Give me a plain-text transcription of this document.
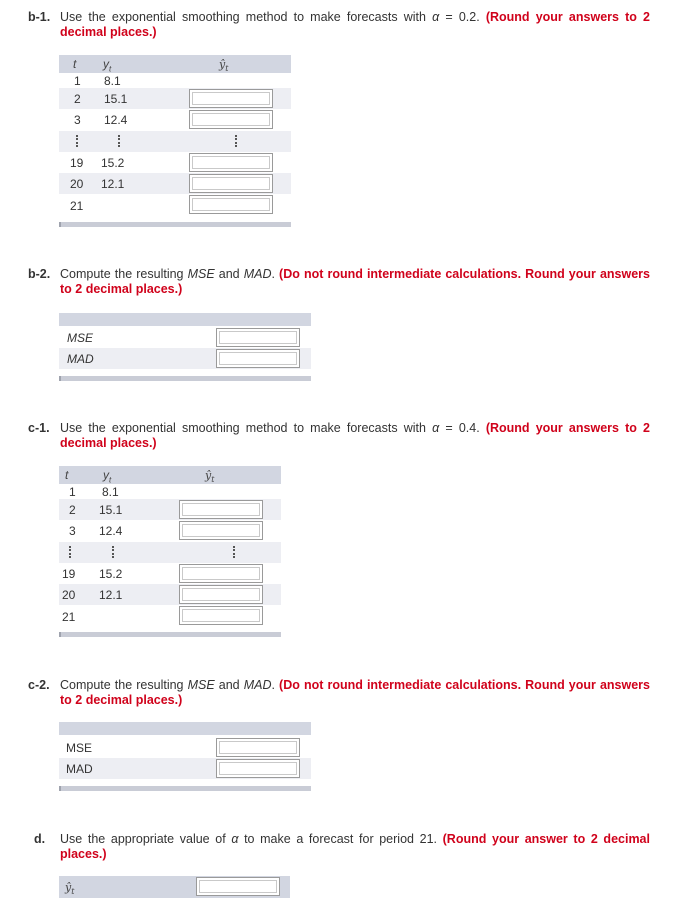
b-1. Use the exponential smoothing method to make forecasts with α = 0.2. (Round your answers to 2 decimal places.)
t $y_t$	$ŷ_t$
1 8.1
2 15.1
3 12.4
19 15.2
20 12.1
21
b-2. Compute the resulting MSE and MAD. (Do not round intermediate calculations. Round your answers to 2 decimal places.)
MSE
MAD
c-1. Use the exponential smoothing method to make forecasts with α = 0.4. (Round your answers to 2 decimal places.)
t	$y_t$	$ŷ_t$
1 8.1
2 15.1
3 12.4
19 15.2
20 12.1
21
c-2. Compute the resulting MSE and MAD. (Do not round intermediate calculations. Round your answers to 2 decimal places.)
MSE
MAD
d. Use the appropriate value of α to make a forecast for period 21. (Round your answer to 2 decimal places.)
$ŷ_t$
